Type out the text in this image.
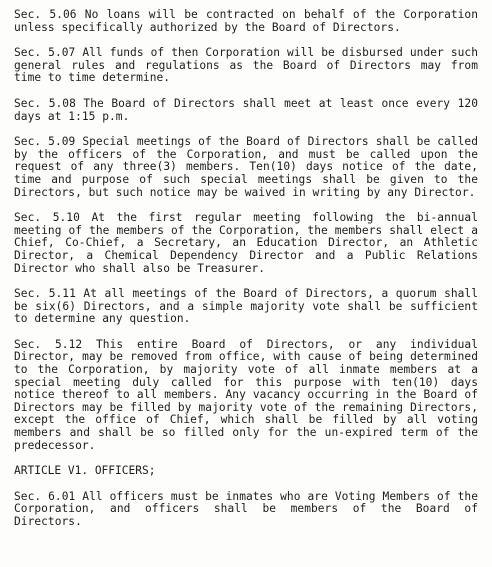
Sec. 5.06 No loans will be contracted on behalf of the Corporation unless specifically authorized by the Board of Directors.

Sec. 5.07 All funds of then Corporation will be disbursed under such general rules and regulations as the Board of Directors may from time to time determine.

Sec. 5.08 The Board of Directors shall meet at least once every 120 days at 1:15 p.m.

Sec. 5.09 Special meetings of the Board of Directors shall be called by the officers of the Corporation, and must be called upon the request of any three(3) members. Ten(10) days notice of the date, time and purpose of such special meetings shall be given to the Directors, but such notice may be waived in writing by any Director.

Sec. 5.10 At the first regular meeting following the bi-annual meeting of the members of the Corporation, the members shall elect a Chief, Co-Chief, a Secretary, an Education Director, an Athletic Director, a Chemical Dependency Director and a Public Relations Director who shall also be Treasurer.

Sec. 5.11 At all meetings of the Board of Directors, a quorum shall be six(6) Directors, and a simple majority vote shall be sufficient to determine any question.

Sec. 5.12 This entire Board of Directors, or any individual Director, may be removed from office, with cause of being determined to the Corporation, by majority vote of all inmate members at a special meeting duly called for this purpose with ten(10) days notice thereof to all members. Any vacancy occurring in the Board of Directors may be filled by majority vote of the remaining Directors, except the office of Chief, which shall be filled by all voting members and shall be so filled only for the un-expired term of the predecessor.

ARTICLE V1. OFFICERS;

Sec. 6.01 All officers must be inmates who are Voting Members of the Corporation, and officers shall be members of the Board of Directors.
